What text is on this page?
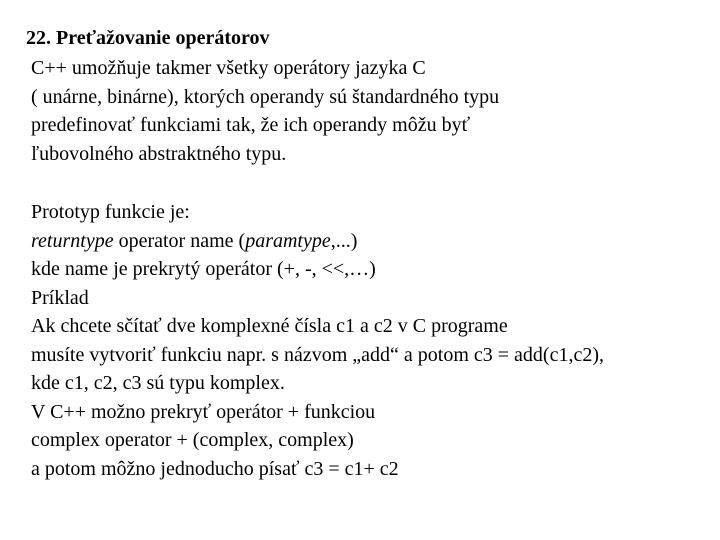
22. Preťažovanie operátorov
C++ umožňuje takmer všetky operátory jazyka C
( unárne, binárne), ktorých operandy sú štandardného typu
predefinovať funkciami tak, že ich operandy môžu byť
ľubovolného abstraktného typu.
Prototyp funkcie je:
returntype operator name (paramtype,...)
kde name je prekrytý operátor (+, -, <<,…)
Príklad
Ak chcete sčítať dve komplexné čísla c1 a c2 v C programe
musíte vytvoriť funkciu napr. s názvom „add“ a potom c3 = add(c1,c2),
kde c1, c2, c3 sú typu komplex.
V C++ možno prekryť operátor + funkciou
complex operator + (complex, complex)
a potom môžno jednoducho písať c3 = c1+ c2
